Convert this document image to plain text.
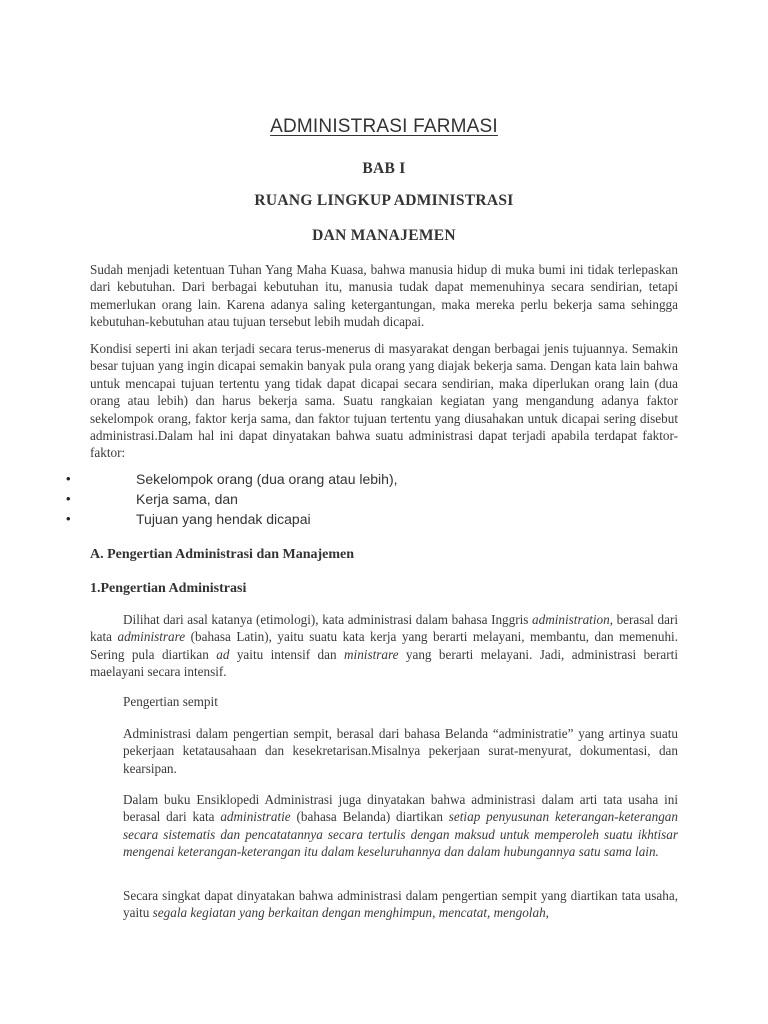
ADMINISTRASI FARMASI
BAB I
RUANG LINGKUP ADMINISTRASI
DAN MANAJEMEN

Sudah menjadi ketentuan Tuhan Yang Maha Kuasa, bahwa manusia hidup di muka bumi ini tidak terlepaskan dari kebutuhan. Dari berbagai kebutuhan itu, manusia tudak dapat memenuhinya secara sendirian, tetapi memerlukan orang lain. Karena adanya saling ketergantungan, maka mereka perlu bekerja sama sehingga kebutuhan-kebutuhan atau tujuan tersebut lebih mudah dicapai.

Kondisi seperti ini akan terjadi secara terus-menerus di masyarakat dengan berbagai jenis tujuannya. Semakin besar tujuan yang ingin dicapai semakin banyak pula orang yang diajak bekerja sama. Dengan kata lain bahwa untuk mencapai tujuan tertentu yang tidak dapat dicapai secara sendirian, maka diperlukan orang lain (dua orang atau lebih) dan harus bekerja sama. Suatu rangkaian kegiatan yang mengandung adanya faktor sekelompok orang, faktor kerja sama, dan faktor tujuan tertentu yang diusahakan untuk dicapai sering disebut administrasi.Dalam hal ini dapat dinyatakan bahwa suatu administrasi dapat terjadi apabila terdapat faktor-faktor:

•	Sekelompok orang (dua orang atau lebih),
•	Kerja sama, dan
•	Tujuan yang hendak dicapai
A. Pengertian Administrasi dan Manajemen
1.Pengertian Administrasi

Dilihat dari asal katanya (etimologi), kata administrasi dalam bahasa Inggris administration, berasal dari kata administrare (bahasa Latin), yaitu suatu kata kerja yang berarti melayani, membantu, dan memenuhi. Sering pula diartikan ad yaitu intensif dan ministrare yang berarti melayani. Jadi, administrasi berarti maelayani secara intensif.

Pengertian sempit

Administrasi dalam pengertian sempit, berasal dari bahasa Belanda “administratie” yang artinya suatu pekerjaan ketatausahaan dan kesekretarisan.Misalnya pekerjaan surat-menyurat, dokumentasi, dan kearsipan.

Dalam buku Ensiklopedi Administrasi juga dinyatakan bahwa administrasi dalam arti tata usaha ini berasal dari kata administratie (bahasa Belanda) diartikan setiap penyusunan keterangan-keterangan secara sistematis dan pencatatannya secara tertulis dengan maksud untuk memperoleh suatu ikhtisar mengenai keterangan-keterangan itu dalam keseluruhannya dan dalam hubungannya satu sama lain.

Secara singkat dapat dinyatakan bahwa administrasi dalam pengertian sempit yang diartikan tata usaha, yaitu segala kegiatan yang berkaitan dengan menghimpun, mencatat, mengolah,
